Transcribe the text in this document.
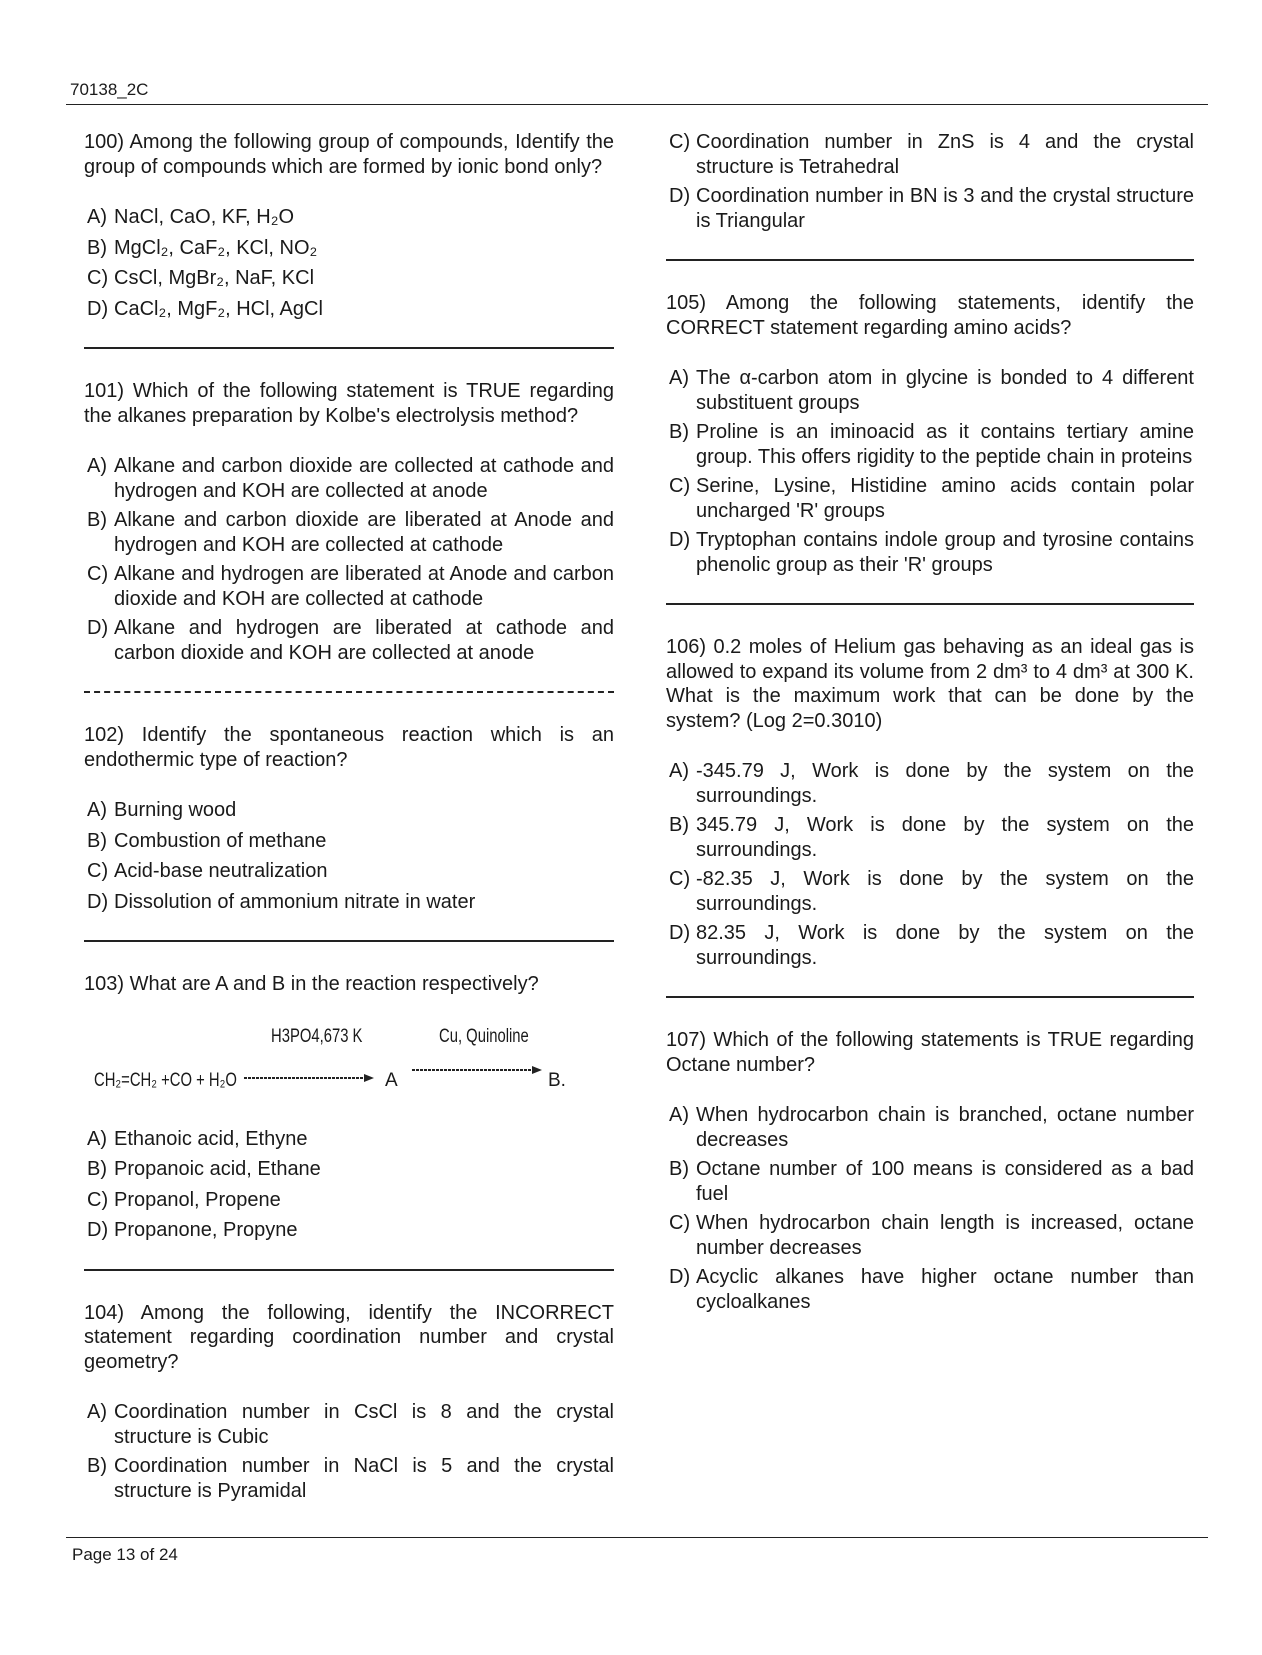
70138_2C

100) Among the following group of compounds, Identify the group of compounds which are formed by ionic bond only?

A) NaCl, CaO, KF, H₂O
B) MgCl₂, CaF₂, KCl, NO₂
C) CsCl, MgBr₂, NaF, KCl
D) CaCl₂, MgF₂, HCl, AgCl

101) Which of the following statement is TRUE regarding the alkanes preparation by Kolbe's electrolysis method?

A) Alkane and carbon dioxide are collected at cathode and hydrogen and KOH are collected at anode
B) Alkane and carbon dioxide are liberated at Anode and hydrogen and KOH are collected at cathode
C) Alkane and hydrogen are liberated at Anode and carbon dioxide and KOH are collected at cathode
D) Alkane and hydrogen are liberated at cathode and carbon dioxide and KOH are collected at anode

102) Identify the spontaneous reaction which is an endothermic type of reaction?

A) Burning wood
B) Combustion of methane
C) Acid-base neutralization
D) Dissolution of ammonium nitrate in water

103) What are A and B in the reaction respectively?

H3PO4,673 K	Cu, Quinoline
CH₂=CH₂ +CO + H₂O	A	B.
A) Ethanoic acid, Ethyne
B) Propanoic acid, Ethane
C) Propanol, Propene
D) Propanone, Propyne

104) Among the following, identify the INCORRECT statement regarding coordination number and crystal geometry?

A) Coordination number in CsCl is 8 and the crystal structure is Cubic
B) Coordination number in NaCl is 5 and the crystal structure is Pyramidal
C) Coordination number in ZnS is 4 and the crystal structure is Tetrahedral
D) Coordination number in BN is 3 and the crystal structure is Triangular

105) Among the following statements, identify the CORRECT statement regarding amino acids?

A) The α-carbon atom in glycine is bonded to 4 different substituent groups
B) Proline is an iminoacid as it contains tertiary amine group. This offers rigidity to the peptide chain in proteins
C) Serine, Lysine, Histidine amino acids contain polar uncharged 'R' groups
D) Tryptophan contains indole group and tyrosine contains phenolic group as their 'R' groups

106) 0.2 moles of Helium gas behaving as an ideal gas is allowed to expand its volume from 2 dm³ to 4 dm³ at 300 K. What is the maximum work that can be done by the system? (Log 2=0.3010)

A) -345.79 J, Work is done by the system on the surroundings.
B) 345.79 J, Work is done by the system on the surroundings.
C) -82.35 J, Work is done by the system on the surroundings.
D) 82.35 J, Work is done by the system on the surroundings.

107) Which of the following statements is TRUE regarding Octane number?

A) When hydrocarbon chain is branched, octane number decreases
B) Octane number of 100 means is considered as a bad fuel
C) When hydrocarbon chain length is increased, octane number decreases
D) Acyclic alkanes have higher octane number than cycloalkanes
Page 13 of 24
